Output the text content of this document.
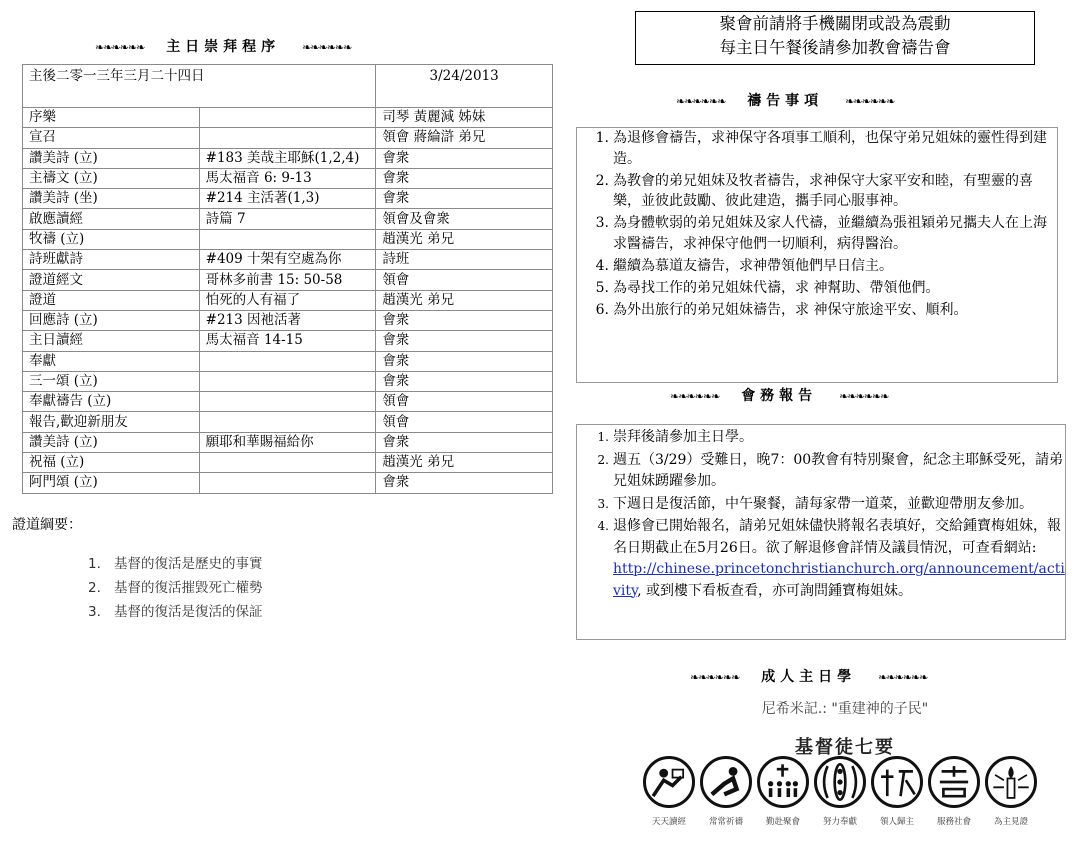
❧❧❧❧❧❧ 主日崇拜程序 ❧❧❧❧❧❧
主後二零一三年三月二十四日		3/24/2013
序樂		司琴 黃麗減 姊妹
宣召		領會 蔣綸滸 弟兄
讚美詩 (立)	#183 美哉主耶穌(1,2,4)	會衆
主禱文 (立)	馬太福音 6: 9-13	會衆
讚美詩 (坐)	#214 主活著(1,3)	會衆
啟應讀經	詩篇 7	領會及會衆
牧禱 (立)		趙漢光 弟兄
詩班獻詩	#409 十架有空處為你	詩班
證道經文	哥林多前書 15: 50-58	領會
證道	怕死的人有福了	趙漢光 弟兄
回應詩 (立)	#213 因祂活著	會衆
主日讀經	馬太福音 14-15	會衆
奉獻		會衆
三一頌 (立)		會衆
奉獻禱告 (立)		領會
報告,歡迎新朋友		領會
讚美詩 (立)	願耶和華賜福給你	會衆
祝福 (立)		趙漢光 弟兄
阿門頌 (立)		會衆
證道綱要：
1. 基督的復活是歷史的事實
2. 基督的復活摧毀死亡權勢
3. 基督的復活是復活的保証
聚會前請將手機關閉或設為震動
每主日午餐後請參加教會禱告會
❧❧❧❧❧❧ 禱告事項 ❧❧❧❧❧❧
1. 為退修會禱告，求神保守各項事工順利，也保守弟兄姐妹的靈性得到建造。
2. 為教會的弟兄姐妹及牧者禱告，求神保守大家平安和睦，有聖靈的喜樂，並彼此鼓勵、彼此建造，攜手同心服事神。
3. 為身體軟弱的弟兄姐妹及家人代禱，並繼續為張祖穎弟兄攜夫人在上海求醫禱告，求神保守他們一切順利，病得醫治。
4. 繼續為慕道友禱告，求神帶領他們早日信主。
5. 為尋找工作的弟兄姐妹代禱，求 神幫助、帶領他們。
6. 為外出旅行的弟兄姐妹禱告，求 神保守旅途平安、順利。
❧❧❧❧❧❧ 會務報告 ❧❧❧❧❧❧
1. 崇拜後請參加主日學。
2. 週五（3/29）受難日，晚7：00教會有特別聚會，紀念主耶穌受死，請弟兄姐妹踴躍參加。
3. 下週日是復活節，中午聚餐，請每家帶一道菜，並歡迎帶朋友參加。
4. 退修會已開始報名，請弟兄姐妹儘快將報名表填好，交給鍾寶梅姐妹，報名日期截止在5月26日。欲了解退修會詳情及議員情況，可查看網站:
http://chinese.princetonchristianchurch.org/announcement/activity, 或到樓下看板查看，亦可詢問鍾寶梅姐妹。
❧❧❧❧❧❧ 成人主日學 ❧❧❧❧❧❧
尼希米記.: "重建神的子民"
基督徒七要
天天讀經	常常祈禱	勤赴聚會	努力奉獻	領人歸主	服務社會	為主見證
